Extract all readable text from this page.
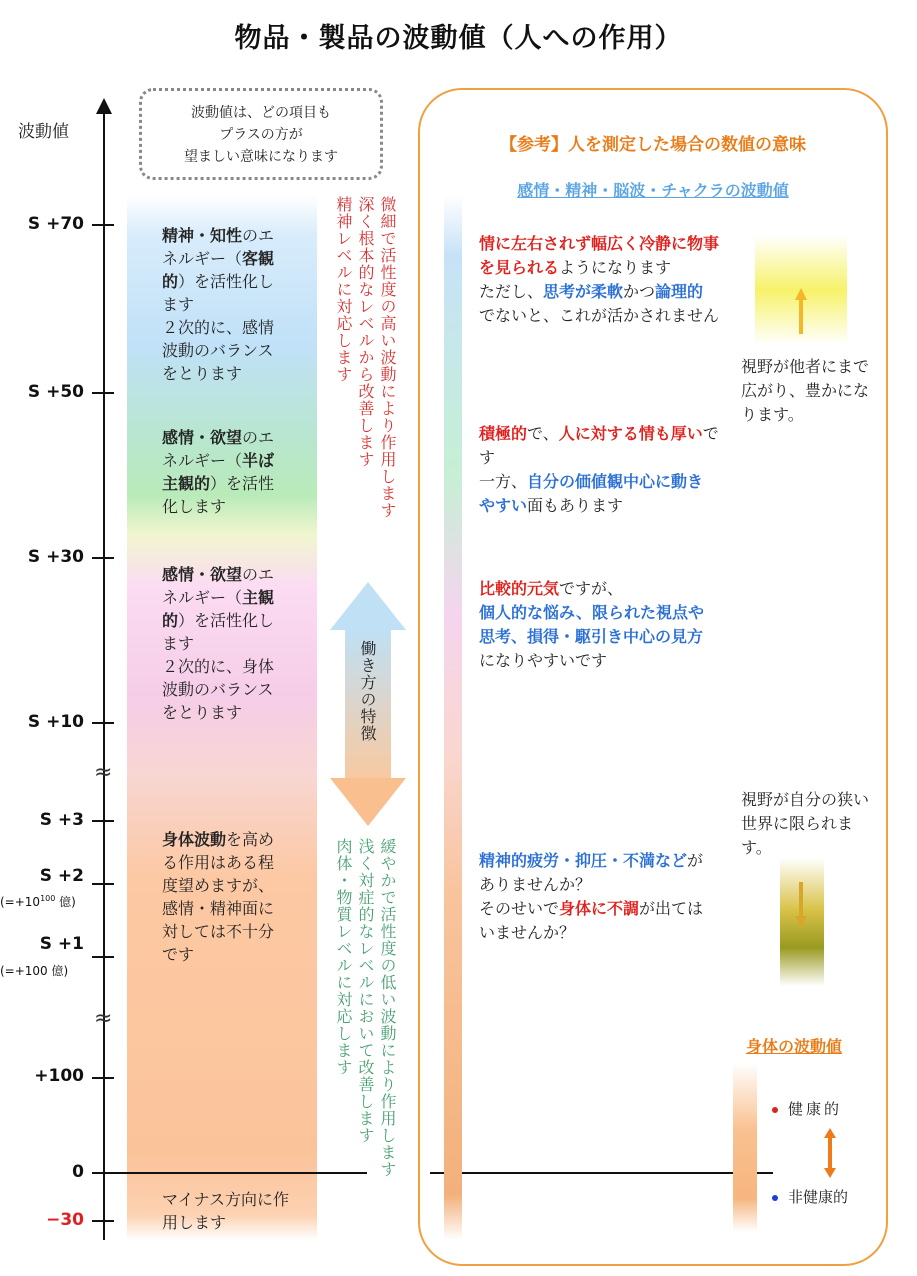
物品・製品の波動値（人への作用）
波動値
S +70
S +50
S +30
S +10
≈
S +3
S +2
($=+10^{100}$ 億)
S +1
(=+100 億)
≈
+100
0
−30
波動値は、どの項目も
プラスの方が
望ましい意味になります
精神・知性のエネルギー（客観的）を活性化します
２次的に、感情波動のバランスをとります
感情・欲望のエネルギー（半ば主観的）を活性化します
感情・欲望のエネルギー（主観的）を活性化します
２次的に、身体波動のバランスをとります
身体波動を高める作用はある程度望めますが、感情・精神面に対しては不十分です
マイナス方向に作用します
微細で活性度の高い波動により作用します
深く根本的なレベルから改善します
精神レベルに対応します
働き方の特徴
緩やかで活性度の低い波動により作用します
浅く対症的なレベルにおいて改善します
肉体・物質レベルに対応します
【参考】人を測定した場合の数値の意味
感情・精神・脳波・チャクラの波動値
情に左右されず幅広く冷静に物事を見られるようになります
ただし、思考が柔軟かつ論理的でないと、これが活かされません
積極的で、人に対する情も厚いです
一方、自分の価値観中心に動きやすい面もあります
比較的元気ですが、
個人的な悩み、限られた視点や思考、損得・駆引き中心の見方
になりやすいです
精神的疲労・抑圧・不満などがありませんか？
そのせいで身体に不調が出てはいませんか？
視野が他者にまで広がり、豊かになります。
視野が自分の狭い世界に限られます。
身体の波動値
健康的
非健康的
